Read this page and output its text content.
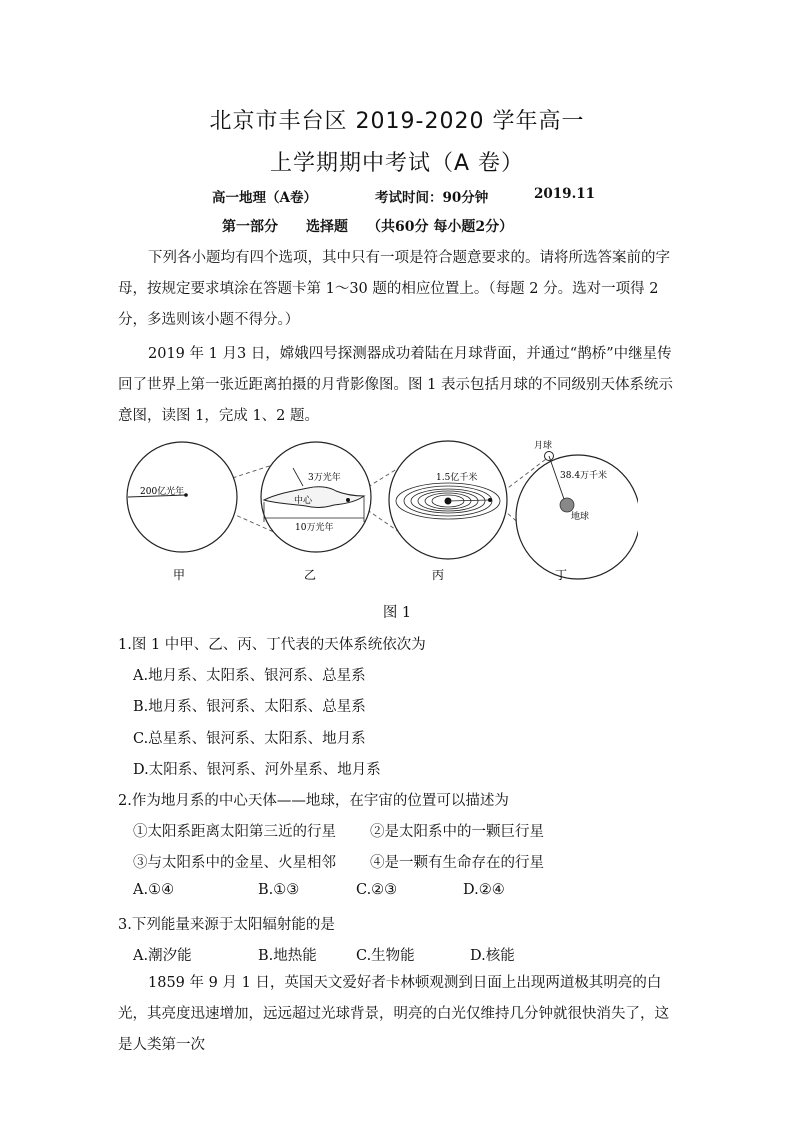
北京市丰台区 2019-2020 学年高一
上学期期中考试（A 卷）
高一地理（A卷）	考试时间：90分钟	2019.11
第一部分 选择题 （共60分 每小题2分）
下列各小题均有四个选项，其中只有一项是符合题意要求的。请将所选答案前的字母，按规定要求填涂在答题卡第 1～30 题的相应位置上。（每题 2 分。选对一项得 2 分，多选则该小题不得分。）
2019 年 1 月3 日，嫦娥四号探测器成功着陆在月球背面，并通过“鹊桥”中继星传回了世界上第一张近距离拍摄的月背影像图。图 1 表示包括月球的不同级别天体系统示意图，读图 1，完成 1、2 题。
200亿光年
3万光年
中心
10万光年
1.5亿千米
月球
38.4万千米
地球
甲	乙	丙	丁
图 1
1.图 1 中甲、乙、丙、丁代表的天体系统依次为
A.地月系、太阳系、银河系、总星系
B.地月系、银河系、太阳系、总星系
C.总星系、银河系、太阳系、地月系
D.太阳系、银河系、河外星系、地月系
2.作为地月系的中心天体——地球，在宇宙的位置可以描述为
①太阳系距离太阳第三近的行星 ②是太阳系中的一颗巨行星
③与太阳系中的金星、火星相邻 ④是一颗有生命存在的行星
A.①④	B.①③	C.②③	D.②④
3.下列能量来源于太阳辐射能的是
A.潮汐能	B.地热能	C.生物能	D.核能
1859 年 9 月 1 日，英国天文爱好者卡林顿观测到日面上出现两道极其明亮的白光，其亮度迅速增加，远远超过光球背景，明亮的白光仅维持几分钟就很快消失了，这是人类第一次
